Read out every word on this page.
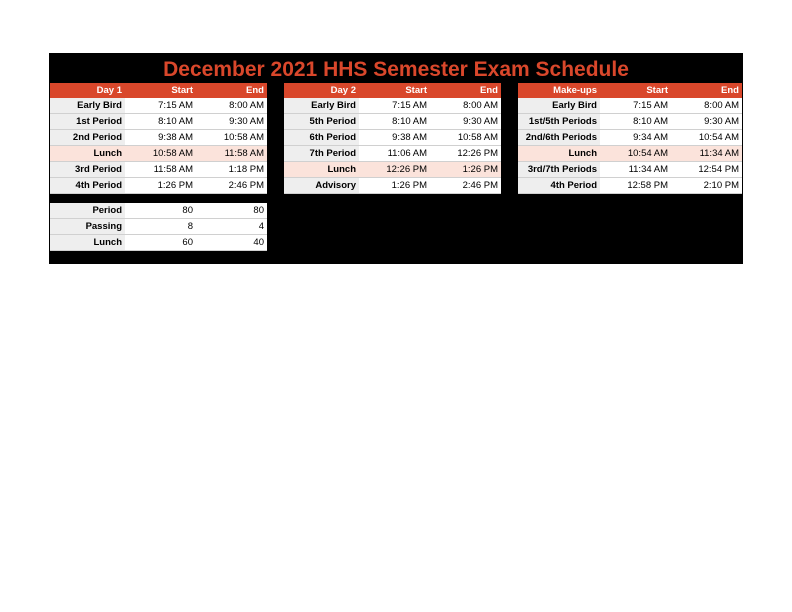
December 2021 HHS Semester Exam Schedule
Day 1	Start	End
Early Bird	7:15 AM	8:00 AM
1st Period	8:10 AM	9:30 AM
2nd Period	9:38 AM	10:58 AM
Lunch	10:58 AM	11:58 AM
3rd Period	11:58 AM	1:18 PM
4th Period	1:26 PM	2:46 PM
Day 2	Start	End
Early Bird	7:15 AM	8:00 AM
5th Period	8:10 AM	9:30 AM
6th Period	9:38 AM	10:58 AM
7th Period	11:06 AM	12:26 PM
Lunch	12:26 PM	1:26 PM
Advisory	1:26 PM	2:46 PM
Make-ups	Start	End
Early Bird	7:15 AM	8:00 AM
1st/5th Periods	8:10 AM	9:30 AM
2nd/6th Periods	9:34 AM	10:54 AM
Lunch	10:54 AM	11:34 AM
3rd/7th Periods	11:34 AM	12:54 PM
4th Period	12:58 PM	2:10 PM
Period	80	80
Passing	8	4
Lunch	60	40
